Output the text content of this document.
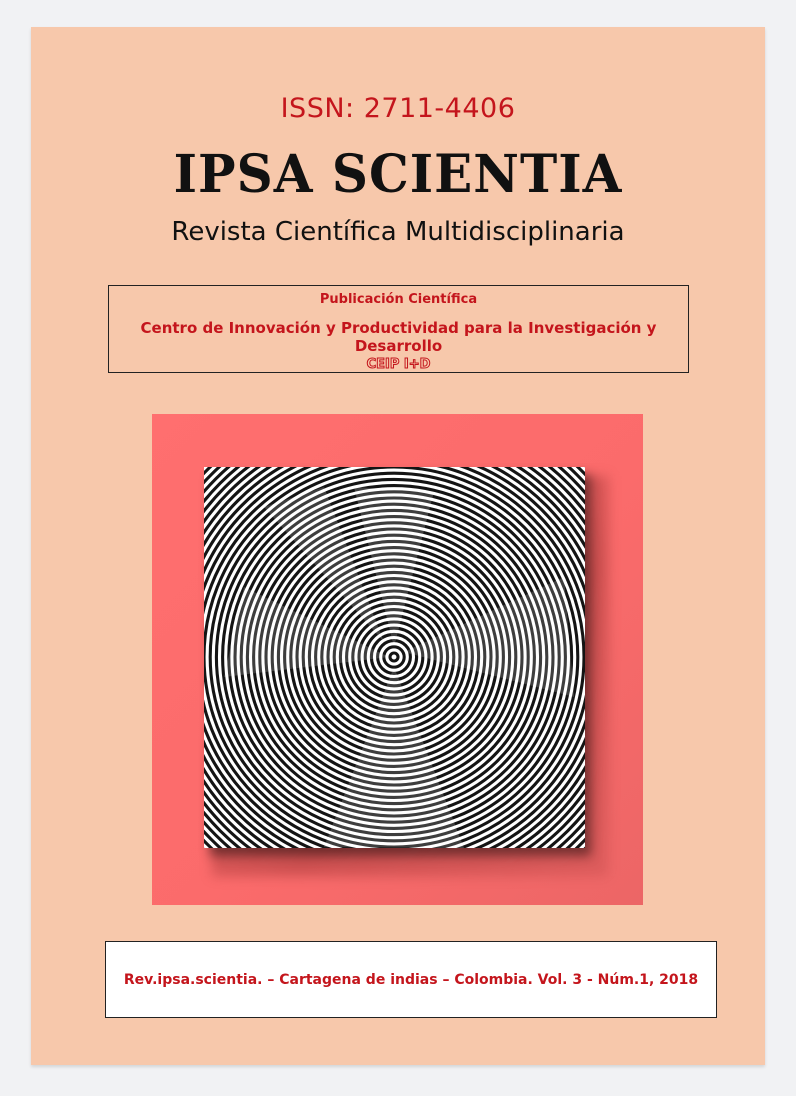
ISSN: 2711-4406
IPSA SCIENTIA
Revista Científica Multidisciplinaria
Publicación Científica
Centro de Innovación y Productividad para la Investigación y Desarrollo
CEIP I+D
Rev.ipsa.scientia. – Cartagena de indias – Colombia. Vol. 3 - Núm.1, 2018
